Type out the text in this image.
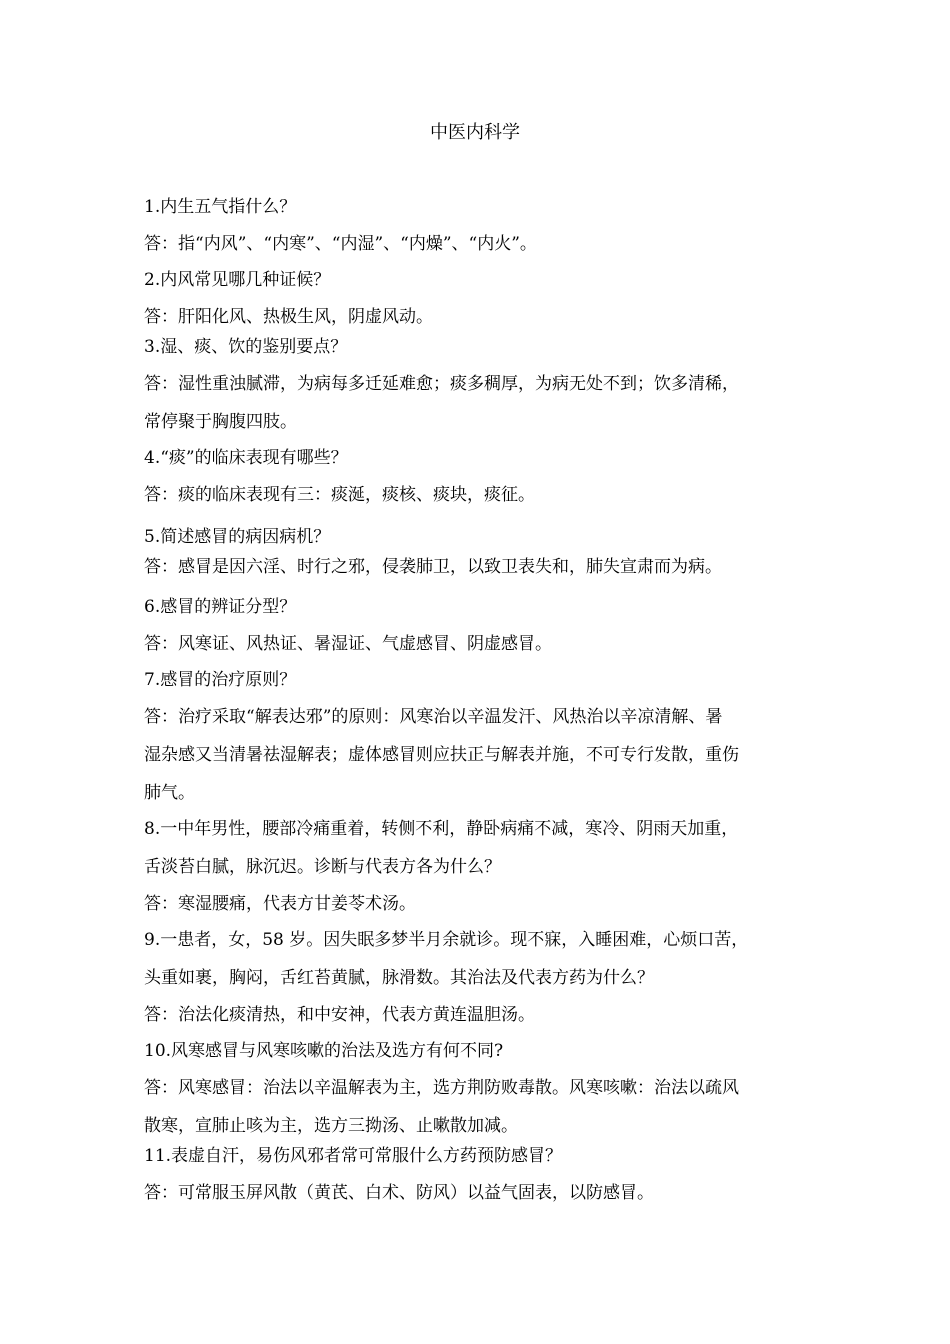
中医内科学
1.内生五气指什么？
答：指“内风”、“内寒”、“内湿”、“内燥”、“内火”。
2.内风常见哪几种证候？
答：肝阳化风、热极生风，阴虚风动。
3.湿、痰、饮的鉴别要点？
答：湿性重浊腻滞，为病每多迁延难愈；痰多稠厚，为病无处不到；饮多清稀，
常停聚于胸腹四肢。
4.“痰”的临床表现有哪些？
答：痰的临床表现有三：痰涎，痰核、痰块，痰征。
5.简述感冒的病因病机？
答：感冒是因六淫、时行之邪，侵袭肺卫，以致卫表失和，肺失宣肃而为病。
6.感冒的辨证分型？
答：风寒证、风热证、暑湿证、气虚感冒、阴虚感冒。
7.感冒的治疗原则？
答：治疗采取“解表达邪”的原则：风寒治以辛温发汗、风热治以辛凉清解、暑
湿杂感又当清暑祛湿解表；虚体感冒则应扶正与解表并施，不可专行发散，重伤
肺气。
8.一中年男性，腰部冷痛重着，转侧不利，静卧病痛不减，寒冷、阴雨天加重，
舌淡苔白腻，脉沉迟。诊断与代表方各为什么？
答：寒湿腰痛，代表方甘姜苓术汤。
9.一患者，女，58 岁。因失眠多梦半月余就诊。现不寐，入睡困难，心烦口苦，
头重如裹，胸闷，舌红苔黄腻，脉滑数。其治法及代表方药为什么？
答：治法化痰清热，和中安神，代表方黄连温胆汤。
10.风寒感冒与风寒咳嗽的治法及选方有何不同?
答：风寒感冒：治法以辛温解表为主，选方荆防败毒散。风寒咳嗽：治法以疏风
散寒，宣肺止咳为主，选方三拗汤、止嗽散加减。
11.表虚自汗，易伤风邪者常可常服什么方药预防感冒？
答：可常服玉屏风散（黄芪、白术、防风）以益气固表，以防感冒。
